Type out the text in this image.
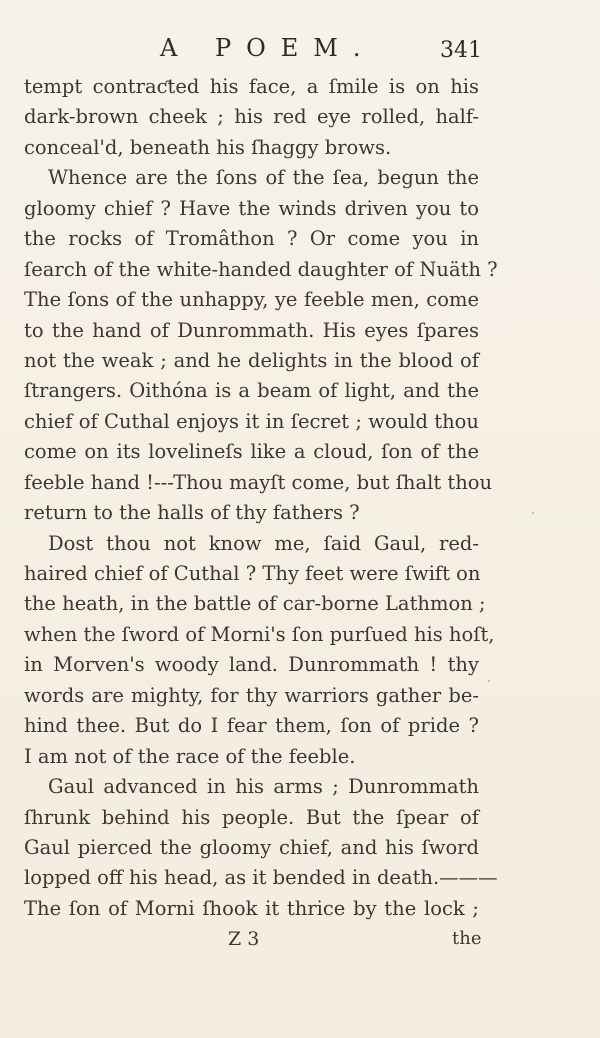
A POEM.	341
tempt contraƈted his face, a ſmile is on his
dark-brown cheek ; his red eye rolled, half-
conceal'd, beneath his ſhaggy brows.
Whence are the ſons of the ſea, begun the
gloomy chief ? Have the winds driven you to
the rocks of Tromâthon ? Or come you in
ſearch of the white-handed daughter of Nuäth ?
The ſons of the unhappy, ye feeble men, come
to the hand of Dunrommath. His eyes ſpares
not the weak ; and he delights in the blood of
ſtrangers. Oithóna is a beam of light, and the
chief of Cuthal enjoys it in ſecret ; would thou
come on its lovelineſs like a cloud, ſon of the
feeble hand !---Thou mayſt come, but ſhalt thou
return to the halls of thy fathers ?
Dost thou not know me, ſaid Gaul, red-
haired chief of Cuthal ? Thy feet were ſwift on
the heath, in the battle of car-borne Lathmon ;
when the ſword of Morni's ſon purſued his hoſt,
in Morven's woody land. Dunrommath ! thy
words are mighty, for thy warriors gather be-
hind thee. But do I fear them, ſon of pride ?
I am not of the race of the feeble.
Gaul advanced in his arms ; Dunrommath
ſhrunk behind his people. But the ſpear of
Gaul pierced the gloomy chief, and his ſword
lopped off his head, as it bended in death.———
The ſon of Morni ſhook it thrice by the lock ;
Z 3	the
